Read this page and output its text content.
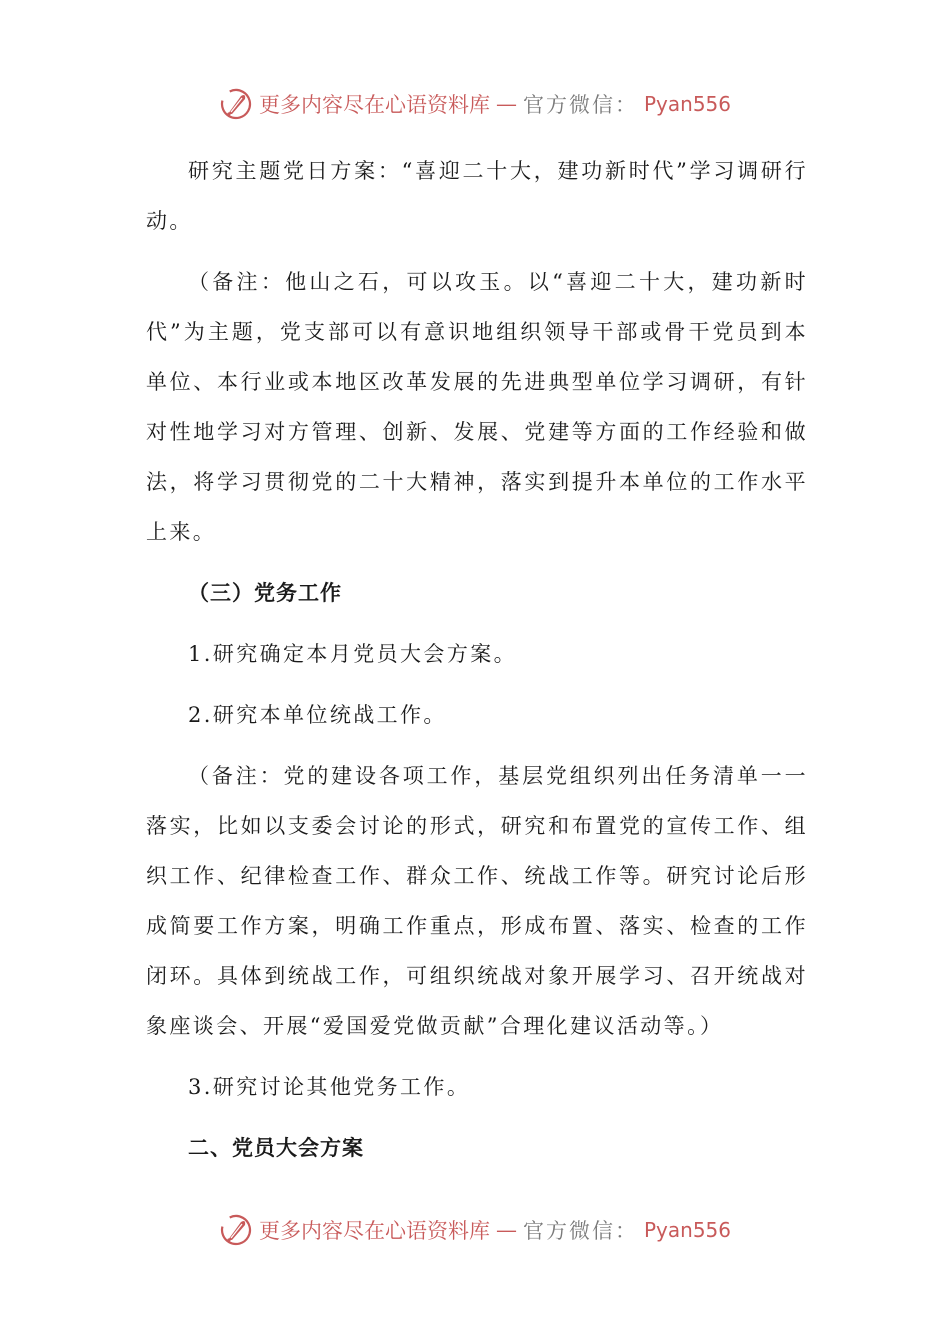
更多内容尽在心语资料库 — 官方微信： Pyan556

研究主题党日方案：“喜迎二十大，建功新时代”学习调研行动。

（备注：他山之石，可以攻玉。以“喜迎二十大，建功新时代”为主题，党支部可以有意识地组织领导干部或骨干党员到本单位、本行业或本地区改革发展的先进典型单位学习调研，有针对性地学习对方管理、创新、发展、党建等方面的工作经验和做法，将学习贯彻党的二十大精神，落实到提升本单位的工作水平上来。

（三）党务工作

1.研究确定本月党员大会方案。

2.研究本单位统战工作。

（备注：党的建设各项工作，基层党组织列出任务清单一一落实，比如以支委会讨论的形式，研究和布置党的宣传工作、组织工作、纪律检查工作、群众工作、统战工作等。研究讨论后形成简要工作方案，明确工作重点，形成布置、落实、检查的工作闭环。具体到统战工作，可组织统战对象开展学习、召开统战对象座谈会、开展“爱国爱党做贡献”合理化建议活动等。）

3.研究讨论其他党务工作。

二、党员大会方案

更多内容尽在心语资料库 — 官方微信： Pyan556
